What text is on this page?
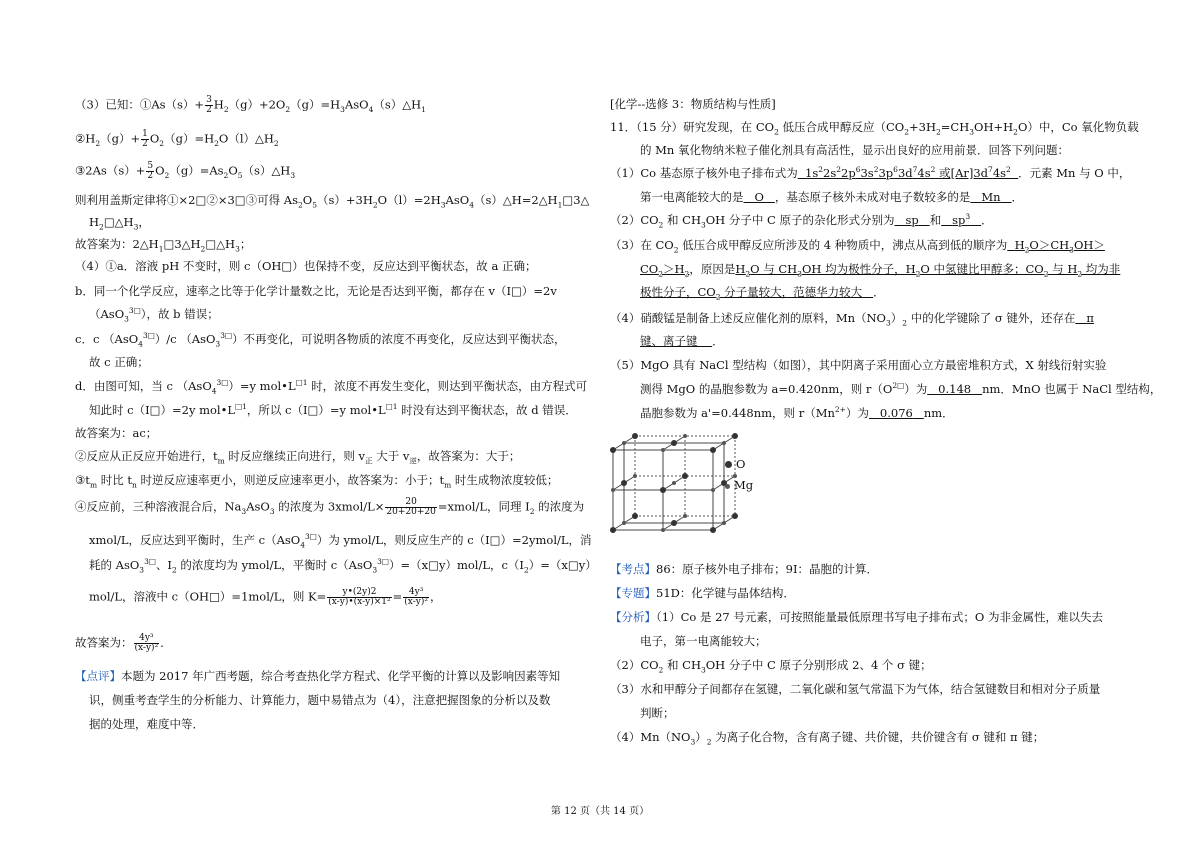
（3）已知：①As（s）+ $\frac{3}{2}$ $H_2(g)+2O_2(g)=H_3AsO_4(s)\triangle H_1$
$②H_2(g)+ \frac{1}{2}$ $O_2(g)=H_2O(l)\triangle H_2$
③2As（s）+ $\frac{5}{2}$ $O_2(g)=As_2O_5(s)\triangle H_3$
则利用盖斯定律将①×2□②×3□③可得 $As_2O_5(s)+3H_2O(l)=2H_3AsO_4(s)\triangle H=2\triangle H_1□3\triangle$
$H_2□\triangle H_3$，
故答案为：$2\triangle H_1□3\triangle H_2□\triangle H_3$；
（4）①a．溶液 pH 不变时，则 c（OH□）也保持不变，反应达到平衡状态，故 a 正确；
b．同一个化学反应，速率之比等于化学计量数之比，无论是否达到平衡，都存在 v（I□）=2v
（AsO$_3^{3□}$），故 b 错误；
c．c （AsO$_4^{3□}$）/c （AsO$_3^{3□}$）不再变化，可说明各物质的浓度不再变化，反应达到平衡状态，
故 c 正确；
d．由图可知，当 c （AsO$_4^{3□}$）=y $mol•L^{□1}$ 时，浓度不再发生变化，则达到平衡状态，由方程式可
知此时 c（I□）=2y $mol•L^{□1}$，所以 c（I□）=y $mol•L^{□1}$ 时没有达到平衡状态，故 d 错误．
故答案为：ac；
②反应从正反应开始进行，$t_m$ 时反应继续正向进行，则 $v_正$ 大于 $v_逆$，故答案为：大于；
$③t_m$ 时比 $t_n$ 时逆反应速率更小，则逆反应速率更小，故答案为：小于；$t_m$ 时生成物浓度较低；
④反应前，三种溶液混合后，$Na_3AsO_3$ 的浓度为 3xmol/L× $\frac{20}{20+20+20}$ =xmol/L，同理 $I_2$ 的浓度为
xmol/L，反应达到平衡时，生产 c（AsO$_4^{3□}$）为 ymol/L，则反应生产的 c（I□）=2ymol/L，消
耗的 AsO$_3^{3□}$、$I_2$ 的浓度均为 ymol/L，平衡时 c（AsO$_3^{3□}$）=（x□y）mol/L，$c(I_2)=(x□y)$
mol/L，溶液中 c（OH□）=1mol/L，则 $K= \frac{y•(2y)2}{\text{(x-y)•(x-y)×1²}} = \frac{\text{4y³}}{\text{(x-y)²}}$ ，
故答案为： $\frac{\text{4y³}}{\text{(x-y)²}}$ ．
【点评】本题为 2017 年广西考题，综合考查热化学方程式、化学平衡的计算以及影响因素等知
识，侧重考查学生的分析能力、计算能力，题中易错点为（4），注意把握图象的分析以及数
据的处理，难度中等．
[化学--选修 3：物质结构与性质]
11．（15 分）研究发现，在 $CO_2$ 低压合成甲醇反应$(CO_2+3H_2=CH_3OH+H_2O)$中，Co 氧化物负载
的 Mn 氧化物纳米粒子催化剂具有高活性，显示出良好的应用前景．回答下列问题：
（1）Co 基态原子核外电子排布式为 $1s^22s^22p^63s^23p^63d^74s^2$ 或$[Ar]3d^74s^2$ ．元素 Mn 与 O 中，
第一电离能较大的是 O ，基态原子核外未成对电子数较多的是 Mn ．
$(2)CO_2$ 和 $CH_3OH$ 分子中 C 原子的杂化形式分别为 sp 和 $sp^3$ ．
（3）在 $CO_2$ 低压合成甲醇反应所涉及的 4 种物质中，沸点从高到低的顺序为 $H_2O>CH_3OH>$
$CO_2>H_2$，原因是$H_2O$ 与 $CH_3OH$ 均为极性分子，$H_2O$ 中氢键比甲醇多；$CO_2$ 与 $H_2$ 均为非
极性分子，$CO_2$ 分子量较大，范德华力较大 ．
（4）硝酸锰是制备上述反应催化剂的原料，$Mn(NO_3)_2$ 中的化学键除了 σ 键外，还存在 π
键、离子键 ．
（5）MgO 具有 NaCl 型结构（如图），其中阴离子采用面心立方最密堆积方式，X 射线衍射实验
测得 MgO 的晶胞参数为 a=0.420nm，则 $r(O^{2□})$为 0.148 nm．MnO 也属于 NaCl 型结构，
晶胞参数为 a'=0.448nm，则 $r(Mn^{2+})$为 0.076 nm．
O
Mg
【考点】86：原子核外电子排布；9I：晶胞的计算．
【专题】51D：化学键与晶体结构．
【分析】（1）Co 是 27 号元素，可按照能量最低原理书写电子排布式；O 为非金属性，难以失去
电子，第一电离能较大；
$(2)CO_2$ 和 $CH_3OH$ 分子中 C 原子分别形成 2、4 个 σ 键；
（3）水和甲醇分子间都存在氢键，二氧化碳和氢气常温下为气体，结合氢键数目和相对分子质量
判断；
$(4)Mn(NO_3)_2$ 为离子化合物，含有离子键、共价键，共价键含有 σ 键和 π 键；
第 12 页（共 14 页）
